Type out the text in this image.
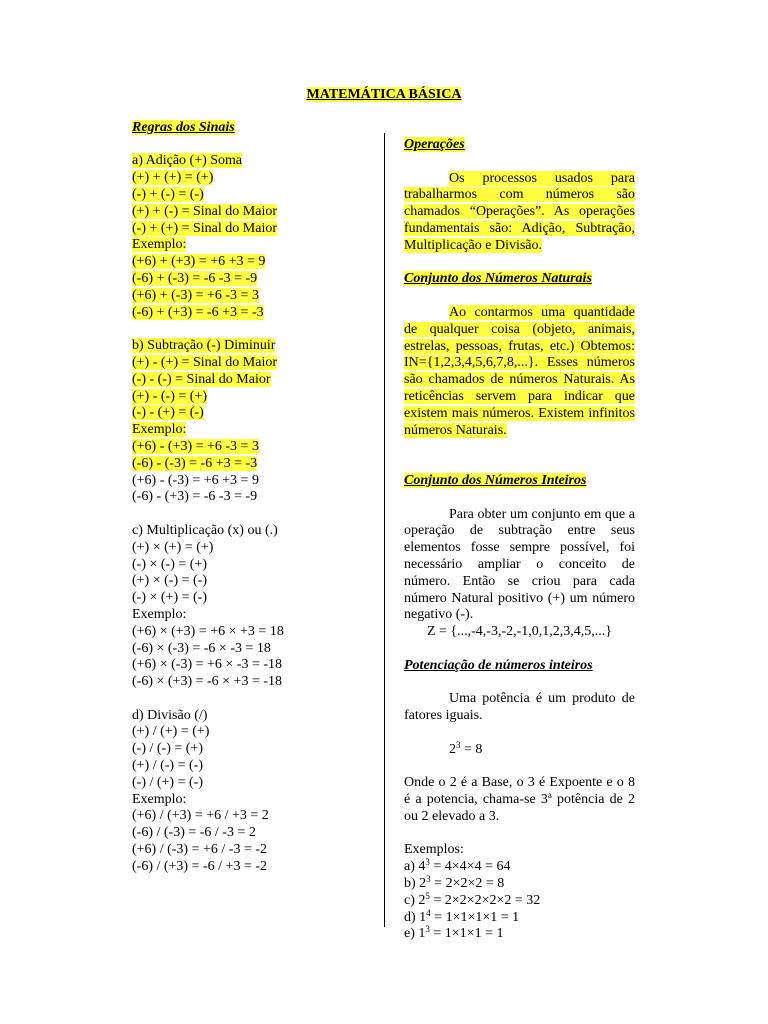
MATEMÁTICA BÁSICA
Regras dos Sinais
a) Adição (+) Soma
(+) + (+) = (+)
(-) + (-) = (-)
(+) + (-) = Sinal do Maior
(-) + (+) = Sinal do Maior
Exemplo:
(+6) + (+3) = +6 +3 = 9
(-6) + (-3) = -6 -3 = -9
(+6) + (-3) = +6 -3 = 3
(-6) + (+3) = -6 +3 = -3
b) Subtração (-) Diminuir
(+) - (+) = Sinal do Maior
(-) - (-) = Sinal do Maior
(+) - (-) = (+)
(-) - (+) = (-)
Exemplo:
(+6) - (+3) = +6 -3 = 3
(-6) - (-3) = -6 +3 = -3
(+6) - (-3) = +6 +3 = 9
(-6) - (+3) = -6 -3 = -9
c) Multiplicação (x) ou (.)
(+) × (+) = (+)
(-) × (-) = (+)
(+) × (-) = (-)
(-) × (+) = (-)
Exemplo:
(+6) × (+3) = +6 × +3 = 18
(-6) × (-3) = -6 × -3 = 18
(+6) × (-3) = +6 × -3 = -18
(-6) × (+3) = -6 × +3 = -18
d) Divisão (/)
(+) / (+) = (+)
(-) / (-) = (+)
(+) / (-) = (-)
(-) / (+) = (-)
Exemplo:
(+6) / (+3) = +6 / +3 = 2
(-6) / (-3) = -6 / -3 = 2
(+6) / (-3) = +6 / -3 = -2
(-6) / (+3) = -6 / +3 = -2
Operações
Os processos usados para trabalharmos com números são chamados “Operações”. As operações fundamentais são: Adição, Subtração, Multiplicação e Divisão.
Conjunto dos Números Naturais
Ao contarmos uma quantidade de qualquer coisa (objeto, animais, estrelas, pessoas, frutas, etc.) Obtemos: IN={1,2,3,4,5,6,7,8,...}. Esses números são chamados de números Naturais. As reticências servem para indicar que existem mais números. Existem infinitos números Naturais.
Conjunto dos Números Inteiros
Para obter um conjunto em que a operação de subtração entre seus elementos fosse sempre possível, foi necessário ampliar o conceito de número. Então se criou para cada número Natural positivo (+) um número negativo (-).
Z = {...,-4,-3,-2,-1,0,1,2,3,4,5,...}
Potenciação de números inteiros
Uma potência é um produto de fatores iguais.
$2^3 = 8$
Onde o 2 é a Base, o 3 é Expoente e o 8 é a potencia, chama-se 3$^a$ potência de 2 ou 2 elevado a 3.
Exemplos:
a) $4^3 = 4\times 4\times 4 = 64$
b) $2^3 = 2\times 2\times 2 = 8$
c) $2^5 = 2\times 2\times 2\times 2\times 2 = 32$
d) $1^4 = 1\times 1\times 1\times 1 = 1$
e) $1^3 = 1\times 1\times 1 = 1$
